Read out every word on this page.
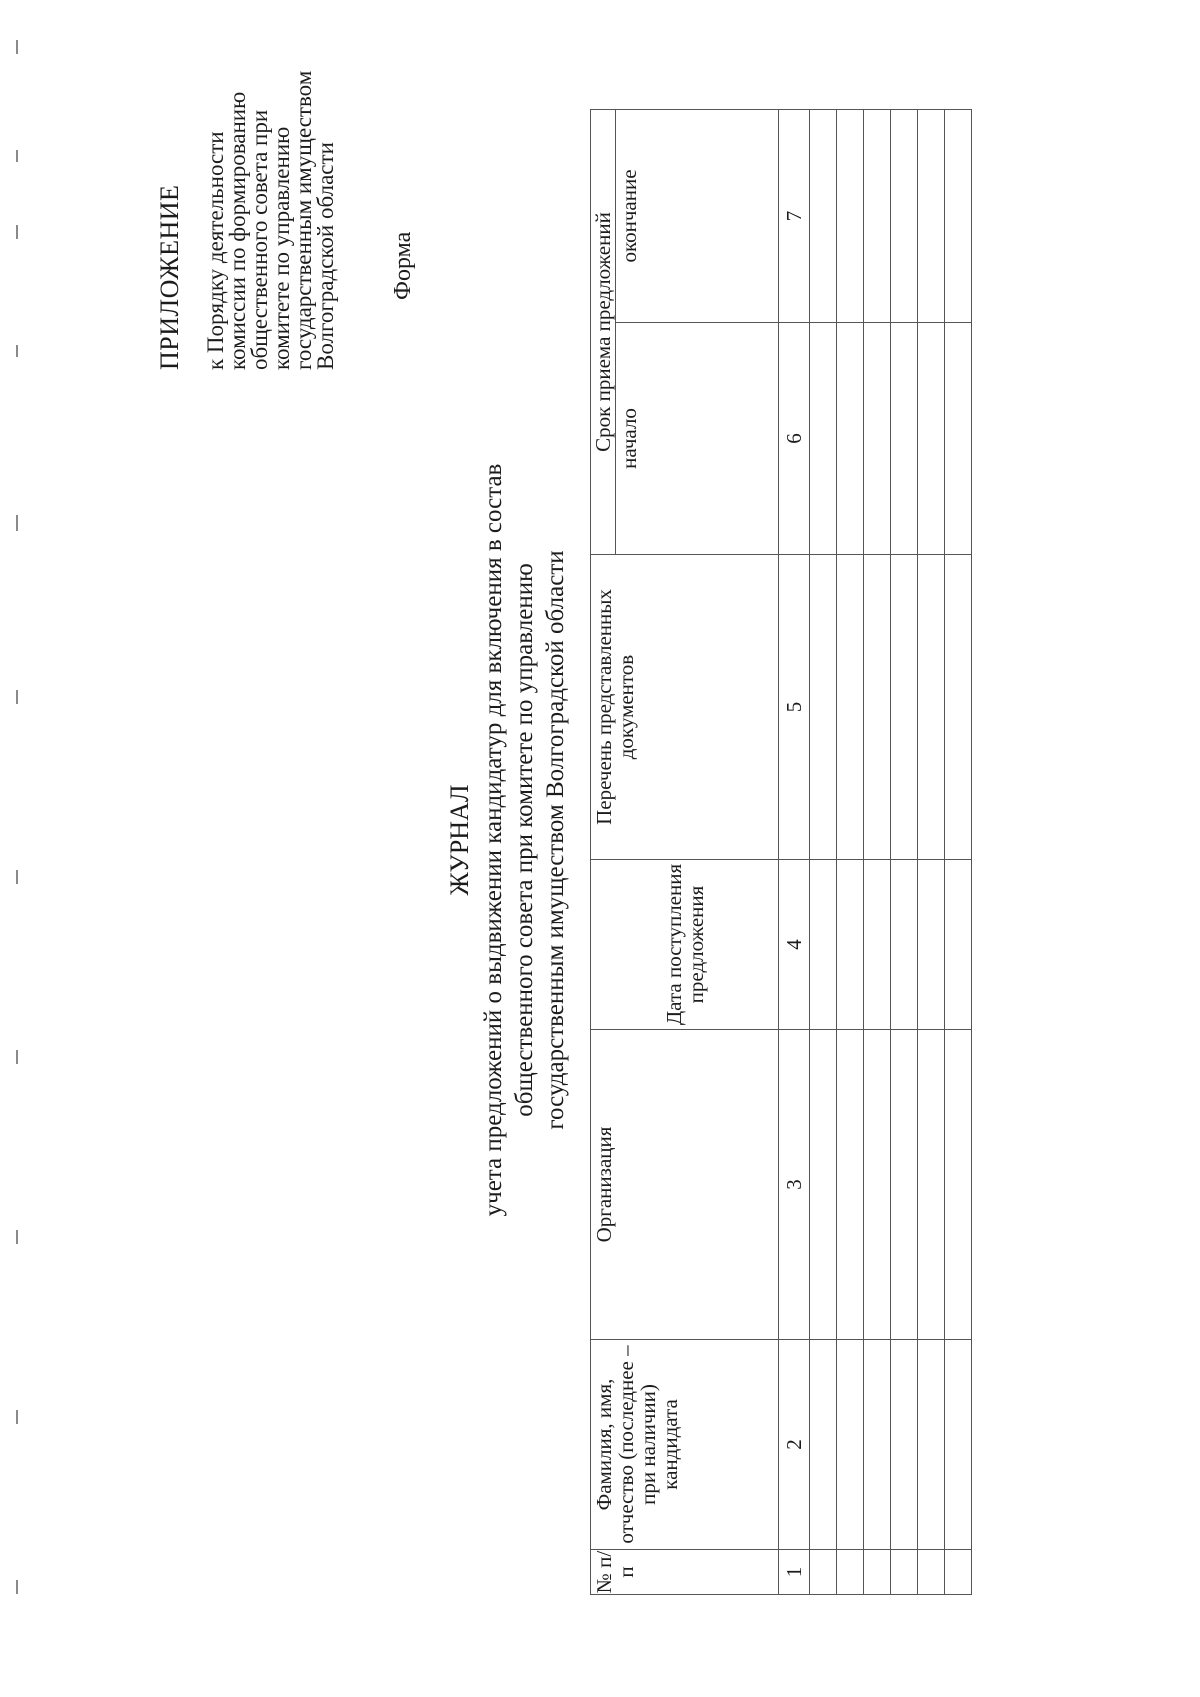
ПРИЛОЖЕНИЕ к Порядку деятельности
комиссии по формированию
общественного совета при
комитете по управлению
государственным имуществом
Волгоградской области
Форма
ЖУРНАЛ
учета предложений о выдвижении кандидатур для включения в состав
общественного совета при комитете по управлению
государственным имуществом Волгоградской области
№ п/п	Фамилия, имя, отчество (последнее – при наличии) кандидата	Организация	Дата поступления предложения	Перечень представленных документов	Срок приема предложений	
					начало	окончание
1	2	3	4	5	6	7
